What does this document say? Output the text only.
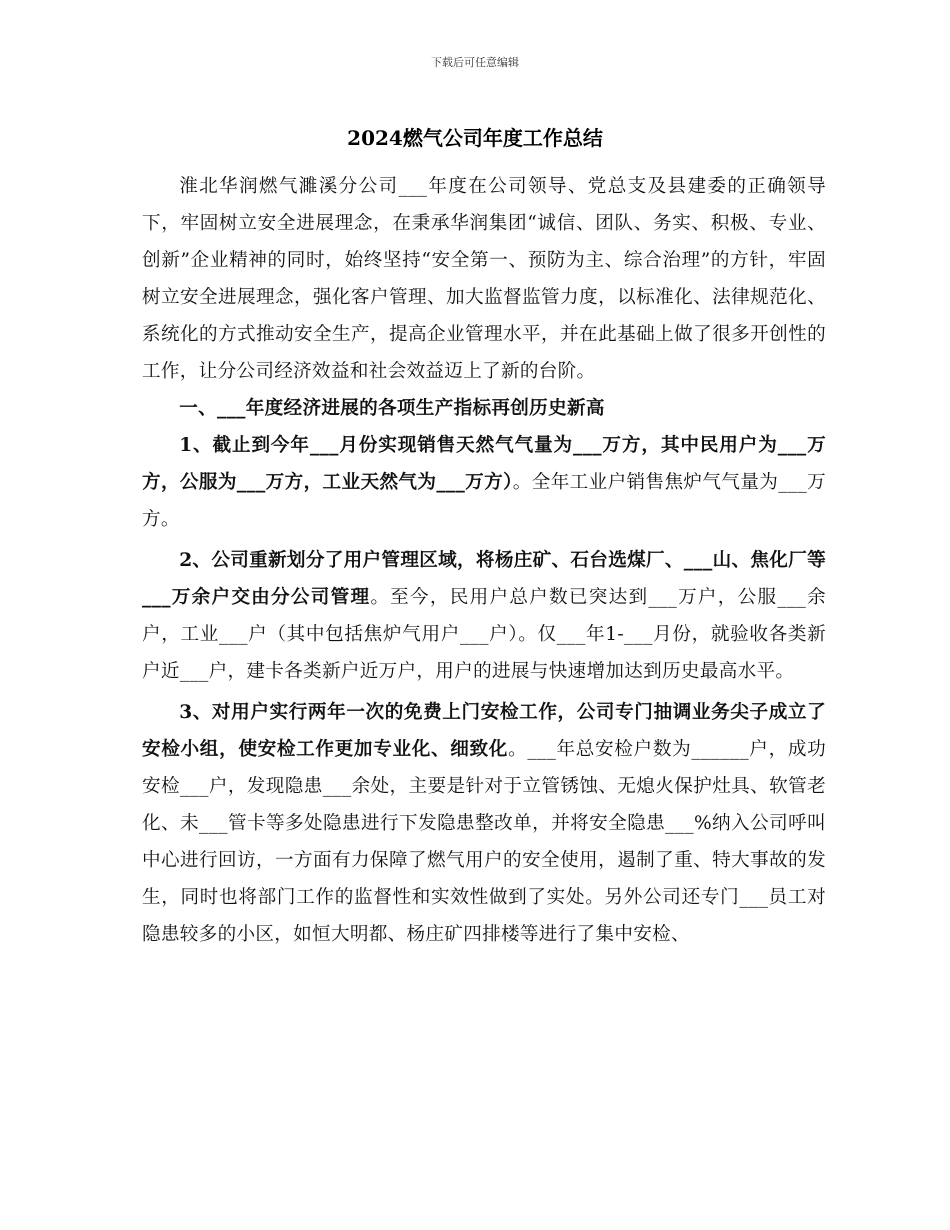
下载后可任意编辑
2024燃气公司年度工作总结

淮北华润燃气濉溪分公司___年度在公司领导、党总支及县建委的正确领导下，牢固树立安全进展理念，在秉承华润集团“诚信、团队、务实、积极、专业、创新”企业精神的同时，始终坚持“安全第一、预防为主、综合治理”的方针，牢固树立安全进展理念，强化客户管理、加大监督监管力度，以标准化、法律规范化、系统化的方式推动安全生产，提高企业管理水平，并在此基础上做了很多开创性的工作，让分公司经济效益和社会效益迈上了新的台阶。

一、___年度经济进展的各项生产指标再创历史新高

1、截止到今年___月份实现销售天然气气量为___万方，其中民用户为___万方，公服为___万方，工业天然气为___万方）。全年工业户销售焦炉气气量为___万方。

2、公司重新划分了用户管理区域，将杨庄矿、石台选煤厂、___山、焦化厂等___万余户交由分公司管理。至今，民用户总户数已突达到___万户，公服___余户，工业___户（其中包括焦炉气用户___户）。仅___年1-___月份，就验收各类新户近___户，建卡各类新户近万户，用户的进展与快速增加达到历史最高水平。

3、对用户实行两年一次的免费上门安检工作，公司专门抽调业务尖子成立了安检小组，使安检工作更加专业化、细致化。___年总安检户数为______户，成功安检___户，发现隐患___余处，主要是针对于立管锈蚀、无熄火保护灶具、软管老化、未___管卡等多处隐患进行下发隐患整改单，并将安全隐患___%纳入公司呼叫中心进行回访，一方面有力保障了燃气用户的安全使用，遏制了重、特大事故的发生，同时也将部门工作的监督性和实效性做到了实处。另外公司还专门___员工对隐患较多的小区，如恒大明都、杨庄矿四排楼等进行了集中安检、
